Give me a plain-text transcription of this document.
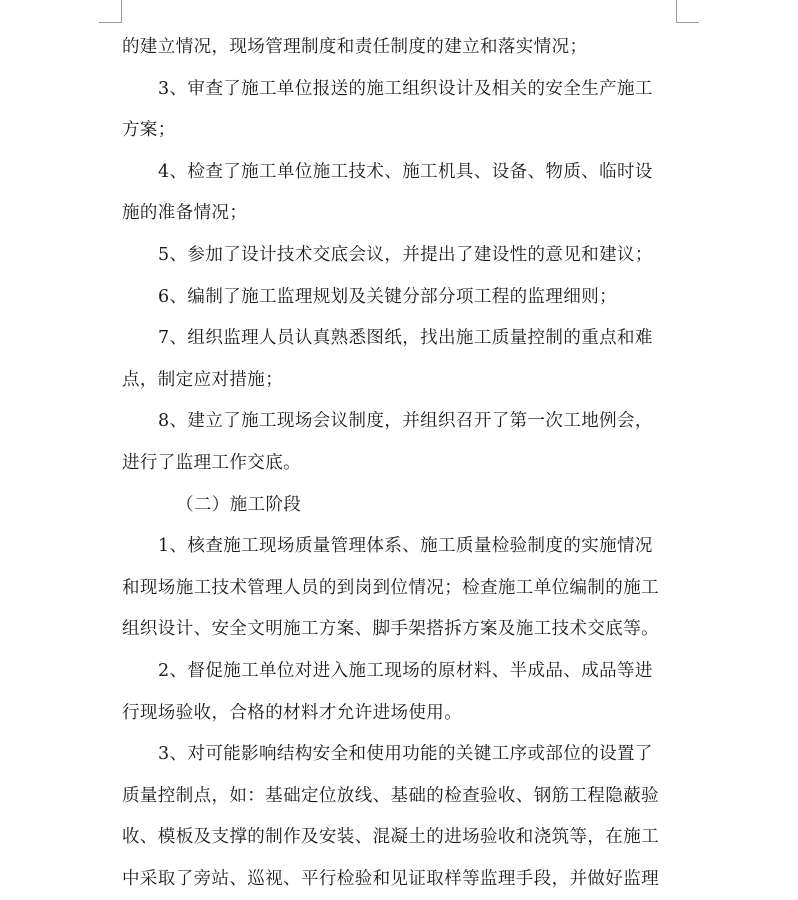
的建立情况，现场管理制度和责任制度的建立和落实情况；
3、审查了施工单位报送的施工组织设计及相关的安全生产施工
方案；
4、检查了施工单位施工技术、施工机具、设备、物质、临时设
施的准备情况；
5、参加了设计技术交底会议，并提出了建设性的意见和建议；
6、编制了施工监理规划及关键分部分项工程的监理细则；
7、组织监理人员认真熟悉图纸，找出施工质量控制的重点和难
点，制定应对措施；
8、建立了施工现场会议制度，并组织召开了第一次工地例会，
进行了监理工作交底。
（二）施工阶段
1、核查施工现场质量管理体系、施工质量检验制度的实施情况
和现场施工技术管理人员的到岗到位情况；检查施工单位编制的施工
组织设计、安全文明施工方案、脚手架搭拆方案及施工技术交底等。
2、督促施工单位对进入施工现场的原材料、半成品、成品等进
行现场验收，合格的材料才允许进场使用。
3、对可能影响结构安全和使用功能的关键工序或部位的设置了
质量控制点，如：基础定位放线、基础的检查验收、钢筋工程隐蔽验
收、模板及支撑的制作及安装、混凝土的进场验收和浇筑等，在施工
中采取了旁站、巡视、平行检验和见证取样等监理手段，并做好监理
